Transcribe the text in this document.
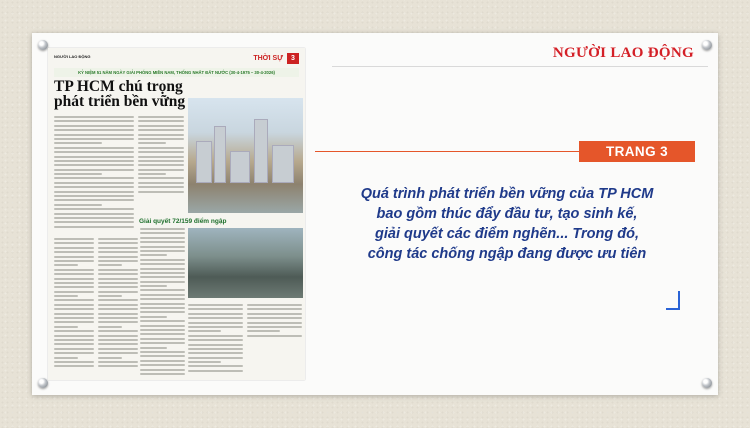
NGƯỜI LAO ĐỘNG
NGƯỜI LAO ĐỘNG	THỜI SỰ	3
KỶ NIỆM 51 NĂM NGÀY GIẢI PHÓNG MIỀN NAM, THỐNG NHẤT ĐẤT NƯỚC (30-4-1975 – 30-4-2026)
TP HCM chú trọng
phát triển bền vững
Giải quyết 72/159 điểm ngập
TRANG 3

Quá trình phát triển bền vững của TP HCM
bao gồm thúc đẩy đầu tư, tạo sinh kế,
giải quyết các điểm nghẽn... Trong đó,
công tác chống ngập đang được ưu tiên
